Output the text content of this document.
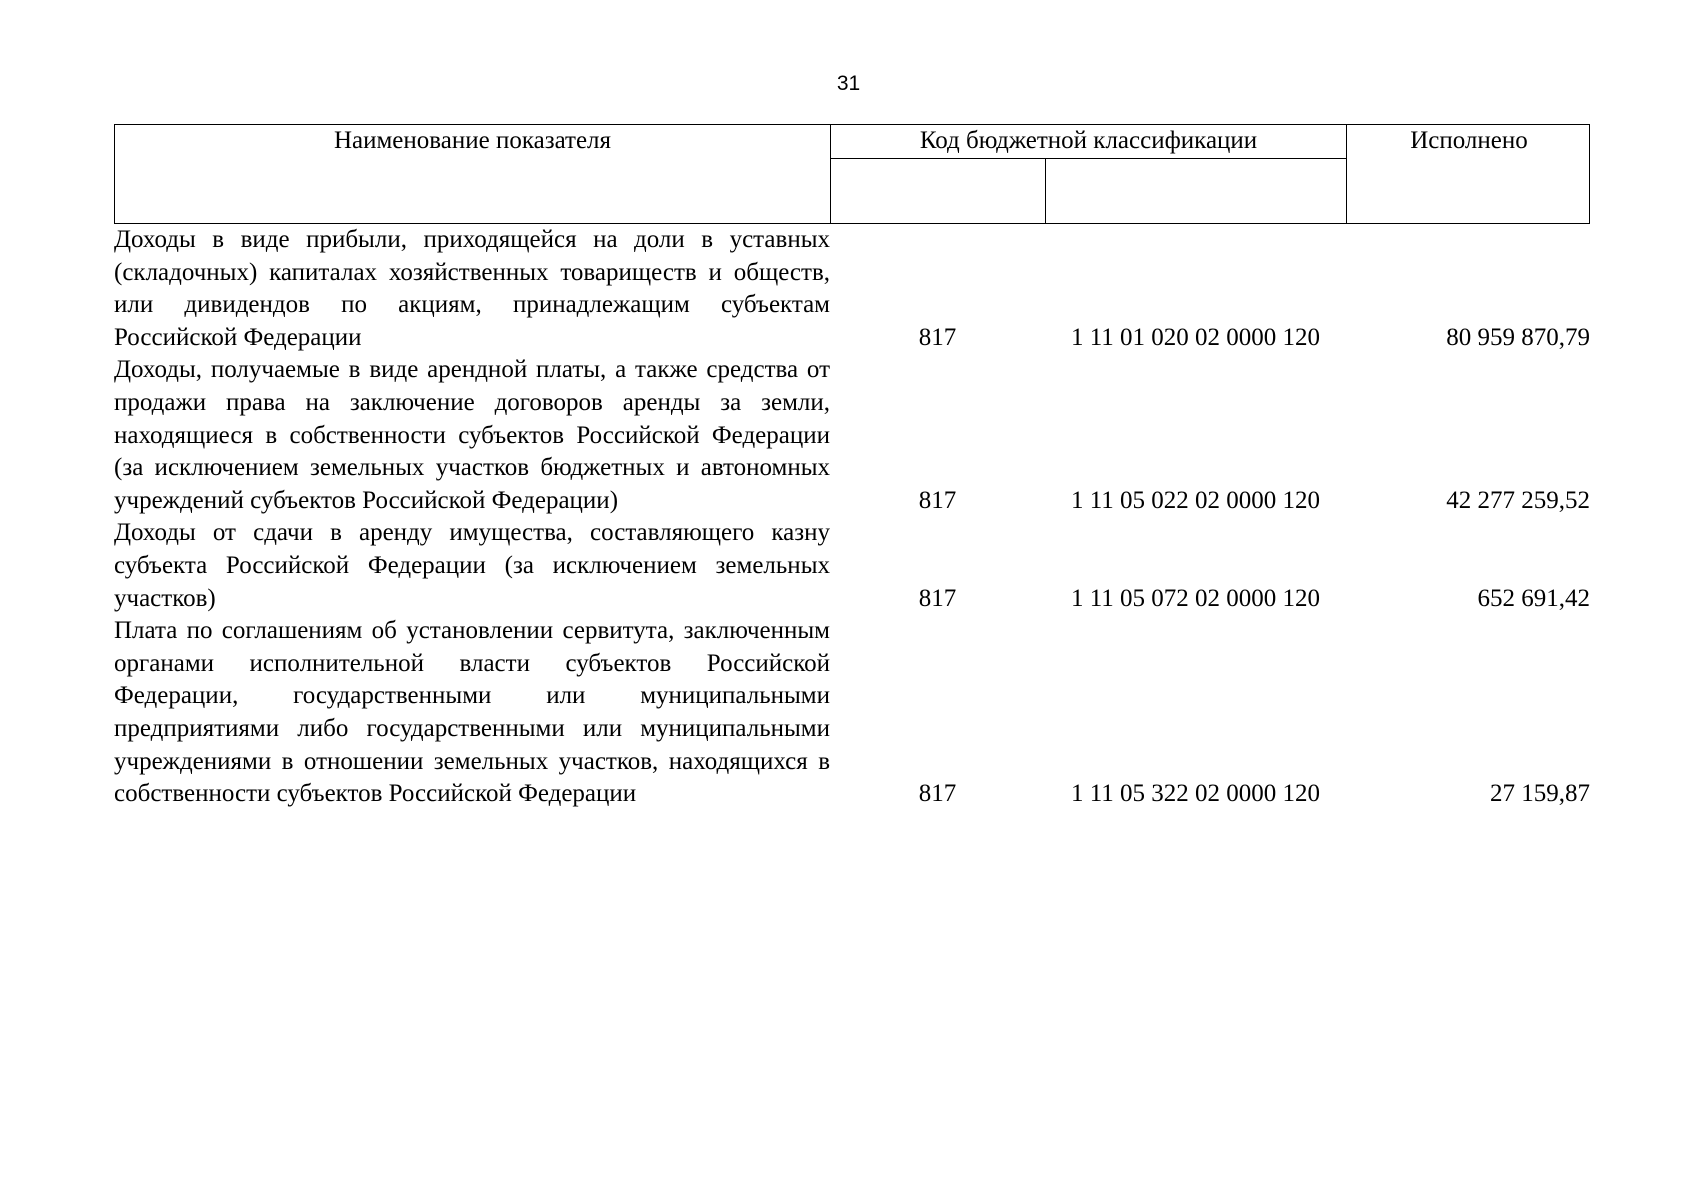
31
Наименование показателя	Код бюджетной классификации	Исполнено
Доходы в виде прибыли, приходящейся на доли в уставных (складочных) капиталах хозяйственных товариществ и обществ, или дивидендов по акциям, принадлежащим субъектам Российской Федерации	817	1 11 01 020 02 0000 120	80 959 870,79
Доходы, получаемые в виде арендной платы, а также средства от продажи права на заключение договоров аренды за земли, находящиеся в собственности субъектов Российской Федерации (за исключением земельных участков бюджетных и автономных учреждений субъектов Российской Федерации)	817	1 11 05 022 02 0000 120	42 277 259,52
Доходы от сдачи в аренду имущества, составляющего казну субъекта Российской Федерации (за исключением земельных участков)	817	1 11 05 072 02 0000 120	652 691,42
Плата по соглашениям об установлении сервитута, заключенным органами исполнительной власти субъектов Российской Федерации, государственными или муниципальными предприятиями либо государственными или муниципальными учреждениями в отношении земельных участков, находящихся в собственности субъектов Российской Федерации	817	1 11 05 322 02 0000 120	27 159,87
